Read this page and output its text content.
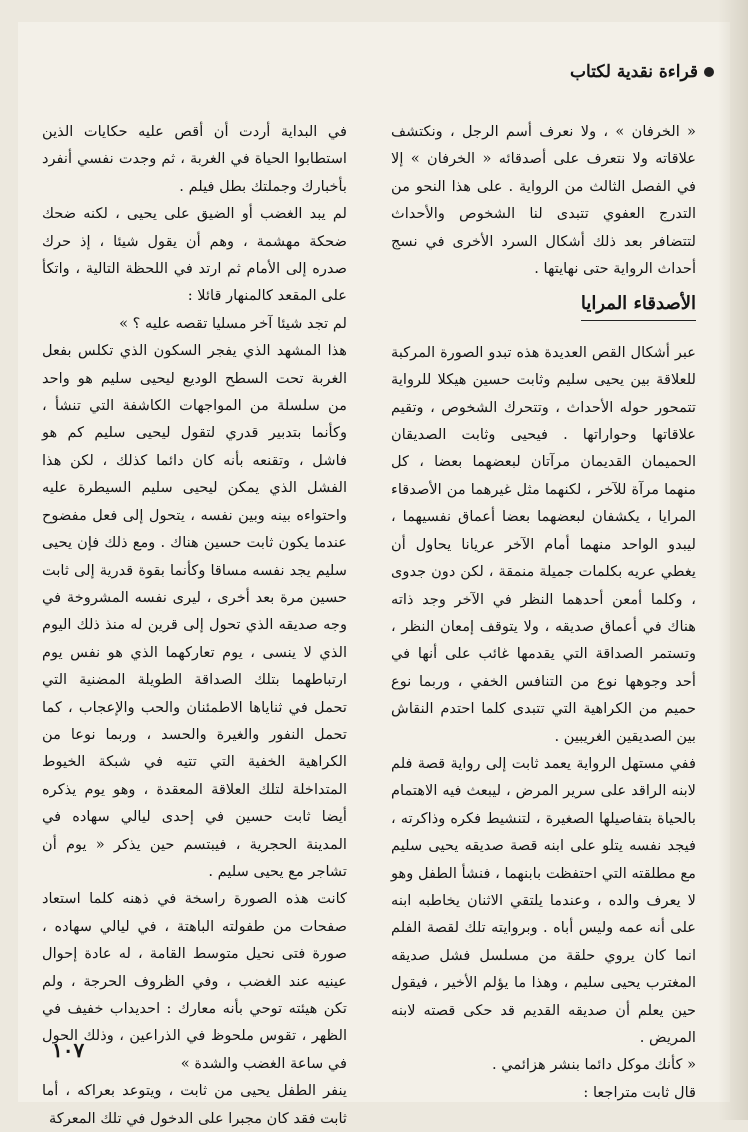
قراءة نقدية لكتاب

« الخرفان » ، ولا نعرف أسم الرجل ، ونكتشف علاقاته ولا نتعرف على أصدقائه « الخرفان » إلا في الفصل الثالث من الرواية . على هذا النحو من التدرج العفوي تتبدى لنا الشخوص والأحداث لتتضافر بعد ذلك أشكال السرد الأخرى في نسج أحداث الرواية حتى نهايتها .

الأصدقاء المرايا

عبر أشكال القص العديدة هذه تبدو الصورة المركبة للعلاقة بين يحيى سليم وثابت حسين هيكلا للرواية تتمحور حوله الأحداث ، وتتحرك الشخوص ، وتقيم علاقاتها وحواراتها . فيحيى وثابت الصديقان الحميمان القديمان مرآتان لبعضهما بعضا ، كل منهما مرآة للآخر ، لكنهما مثل غيرهما من الأصدقاء المرايا ، يكشفان لبعضهما بعضا أعماق نفسيهما ، ليبدو الواحد منهما أمام الآخر عريانا يحاول أن يغطي عريه بكلمات جميلة منمقة ، لكن دون جدوى ، وكلما أمعن أحدهما النظر في الآخر وجد ذاته هناك في أعماق صديقه ، ولا يتوقف إمعان النظر ، وتستمر الصداقة التي يقدمها غائب على أنها في أحد وجوهها نوع من التنافس الخفي ، وربما نوع حميم من الكراهية التي تتبدى كلما احتدم النقاش بين الصديقين الغريبين .

ففي مستهل الرواية يعمد ثابت إلى رواية قصة فلم لابنه الراقد على سرير المرض ، ليبعث فيه الاهتمام بالحياة بتفاصيلها الصغيرة ، لتنشيط فكره وذاكرته ، فيجد نفسه يتلو على ابنه قصة صديقه يحيى سليم مع مطلقته التي احتفظت بابنهما ، فنشأ الطفل وهو لا يعرف والده ، وعندما يلتقي الاثنان يخاطبه ابنه على أنه عمه وليس أباه . وبروايته تلك لقصة الفلم انما كان يروي حلقة من مسلسل فشل صديقه المغترب يحيى سليم ، وهذا ما يؤلم الأخير ، فيقول حين يعلم أن صديقه القديم قد حكى قصته لابنه المريض .

« كأنك موكل دائما بنشر هزائمي .

قال ثابت متراجعا :

في البداية أردت أن أقص عليه حكايات الذين استطابوا الحياة في الغربة ، ثم وجدت نفسي أنفرد بأخبارك وجملتك بطل فيلم .

لم يبد الغضب أو الضيق على يحيى ، لكنه ضحك ضحكة مهشمة ، وهم أن يقول شيئا ، إذ حرك صدره إلى الأمام ثم ارتد في اللحظة التالية ، واتكأ على المقعد كالمنهار قائلا :

لم تجد شيئا آخر مسليا تقصه عليه ؟ »

هذا المشهد الذي يفجر السكون الذي تكلس بفعل الغربة تحت السطح الوديع ليحيى سليم هو واحد من سلسلة من المواجهات الكاشفة التي تنشأ ، وكأنما بتدبير قدري لتقول ليحيى سليم كم هو فاشل ، وتقنعه بأنه كان دائما كذلك ، لكن هذا الفشل الذي يمكن ليحيى سليم السيطرة عليه واحتواءه بينه وبين نفسه ، يتحول إلى فعل مفضوح عندما يكون ثابت حسين هناك . ومع ذلك فإن يحيى سليم يجد نفسه مساقا وكأنما بقوة قدرية إلى ثابت حسين مرة بعد أخرى ، ليرى نفسه المشروخة في وجه صديقه الذي تحول إلى قرين له منذ ذلك اليوم الذي لا ينسى ، يوم تعاركهما الذي هو نفس يوم ارتباطهما بتلك الصداقة الطويلة المضنية التي تحمل في ثناياها الاطمئنان والحب والإعجاب ، كما تحمل النفور والغيرة والحسد ، وربما نوعا من الكراهية الخفية التي تتيه في شبكة الخيوط المتداخلة لتلك العلاقة المعقدة ، وهو يوم يذكره أيضا ثابت حسين في إحدى ليالي سهاده في المدينة الحجرية ، فيبتسم حين يذكر « يوم أن تشاجر مع يحيى سليم .

كانت هذه الصورة راسخة في ذهنه كلما استعاد صفحات من طفولته الباهتة ، في ليالي سهاده ، صورة فتى نحيل متوسط القامة ، له عادة إحوال عينيه عند الغضب ، وفي الظروف الحرجة ، ولم تكن هيئته توحي بأنه معارك : احديداب خفيف في الظهر ، تقوس ملحوظ في الذراعين ، وذلك الحول في ساعة الغضب والشدة »

ينفر الطفل يحيى من ثابت ، ويتوعد بعراكه ، أما ثابت فقد كان مجبرا على الدخول في تلك المعركة

١٠٧
